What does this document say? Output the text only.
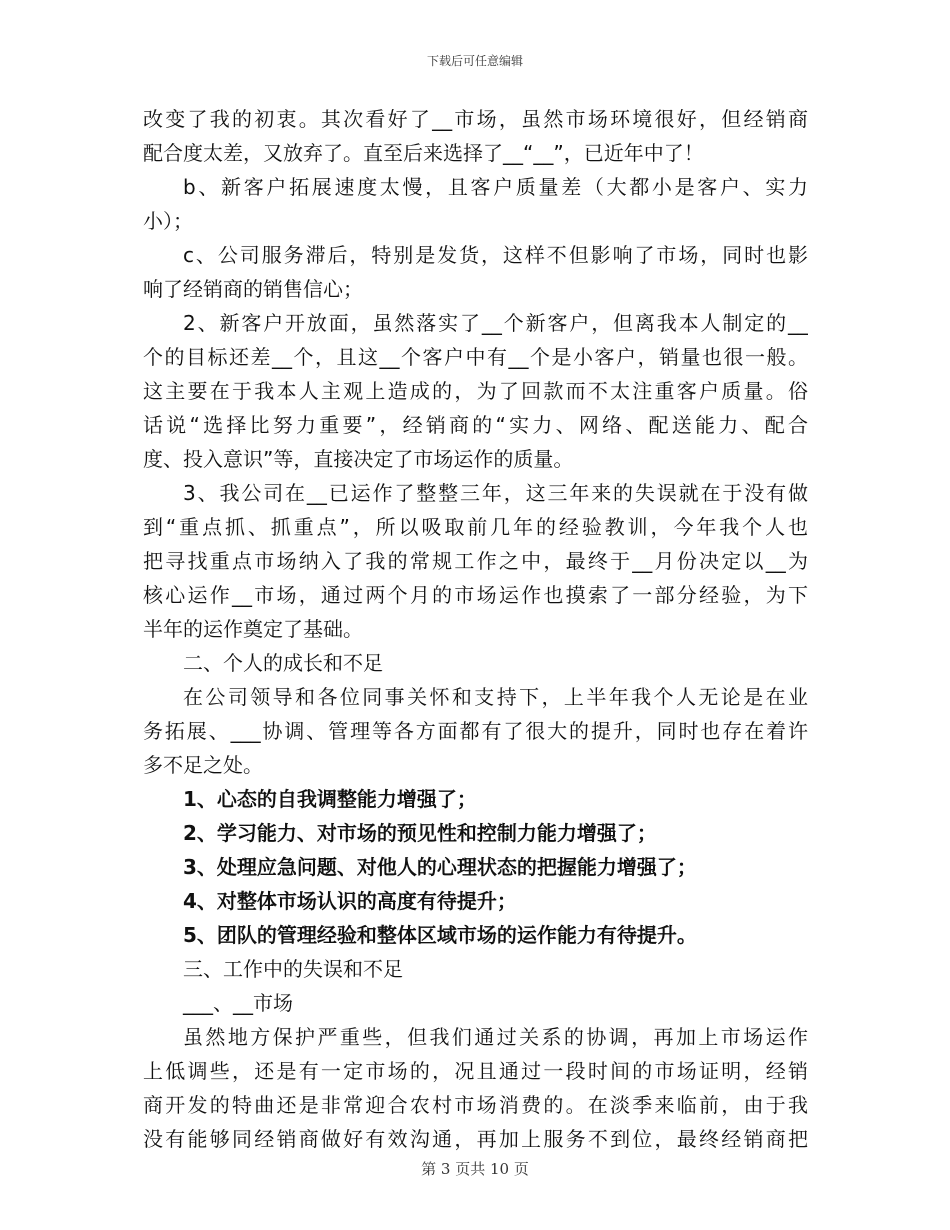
下载后可任意编辑
改变了我的初衷。其次看好了__市场，虽然市场环境很好，但经销商
配合度太差，又放弃了。直至后来选择了__“__”，已近年中了！
b、新客户拓展速度太慢，且客户质量差（大都小是客户、实力
小）；
c、公司服务滞后，特别是发货，这样不但影响了市场，同时也影
响了经销商的销售信心；
2、新客户开放面，虽然落实了__个新客户，但离我本人制定的__
个的目标还差__个，且这__个客户中有__个是小客户，销量也很一般。
这主要在于我本人主观上造成的，为了回款而不太注重客户质量。俗
话说“选择比努力重要”，经销商的“实力、网络、配送能力、配合
度、投入意识”等，直接决定了市场运作的质量。
3、我公司在__已运作了整整三年，这三年来的失误就在于没有做
到“重点抓、抓重点”，所以吸取前几年的经验教训，今年我个人也
把寻找重点市场纳入了我的常规工作之中，最终于__月份决定以__为
核心运作__市场，通过两个月的市场运作也摸索了一部分经验，为下
半年的运作奠定了基础。
二、个人的成长和不足
在公司领导和各位同事关怀和支持下，上半年我个人无论是在业
务拓展、___协调、管理等各方面都有了很大的提升，同时也存在着许
多不足之处。
1、心态的自我调整能力增强了；
2、学习能力、对市场的预见性和控制力能力增强了；
3、处理应急问题、对他人的心理状态的把握能力增强了；
4、对整体市场认识的高度有待提升；
5、团队的管理经验和整体区域市场的运作能力有待提升。
三、工作中的失误和不足
___、__市场
虽然地方保护严重些，但我们通过关系的协调，再加上市场运作
上低调些，还是有一定市场的，况且通过一段时间的市场证明，经销
商开发的特曲还是非常迎合农村市场消费的。在淡季来临前，由于我
没有能够同经销商做好有效沟通，再加上服务不到位，最终经销商把
第 3 页共 10 页
